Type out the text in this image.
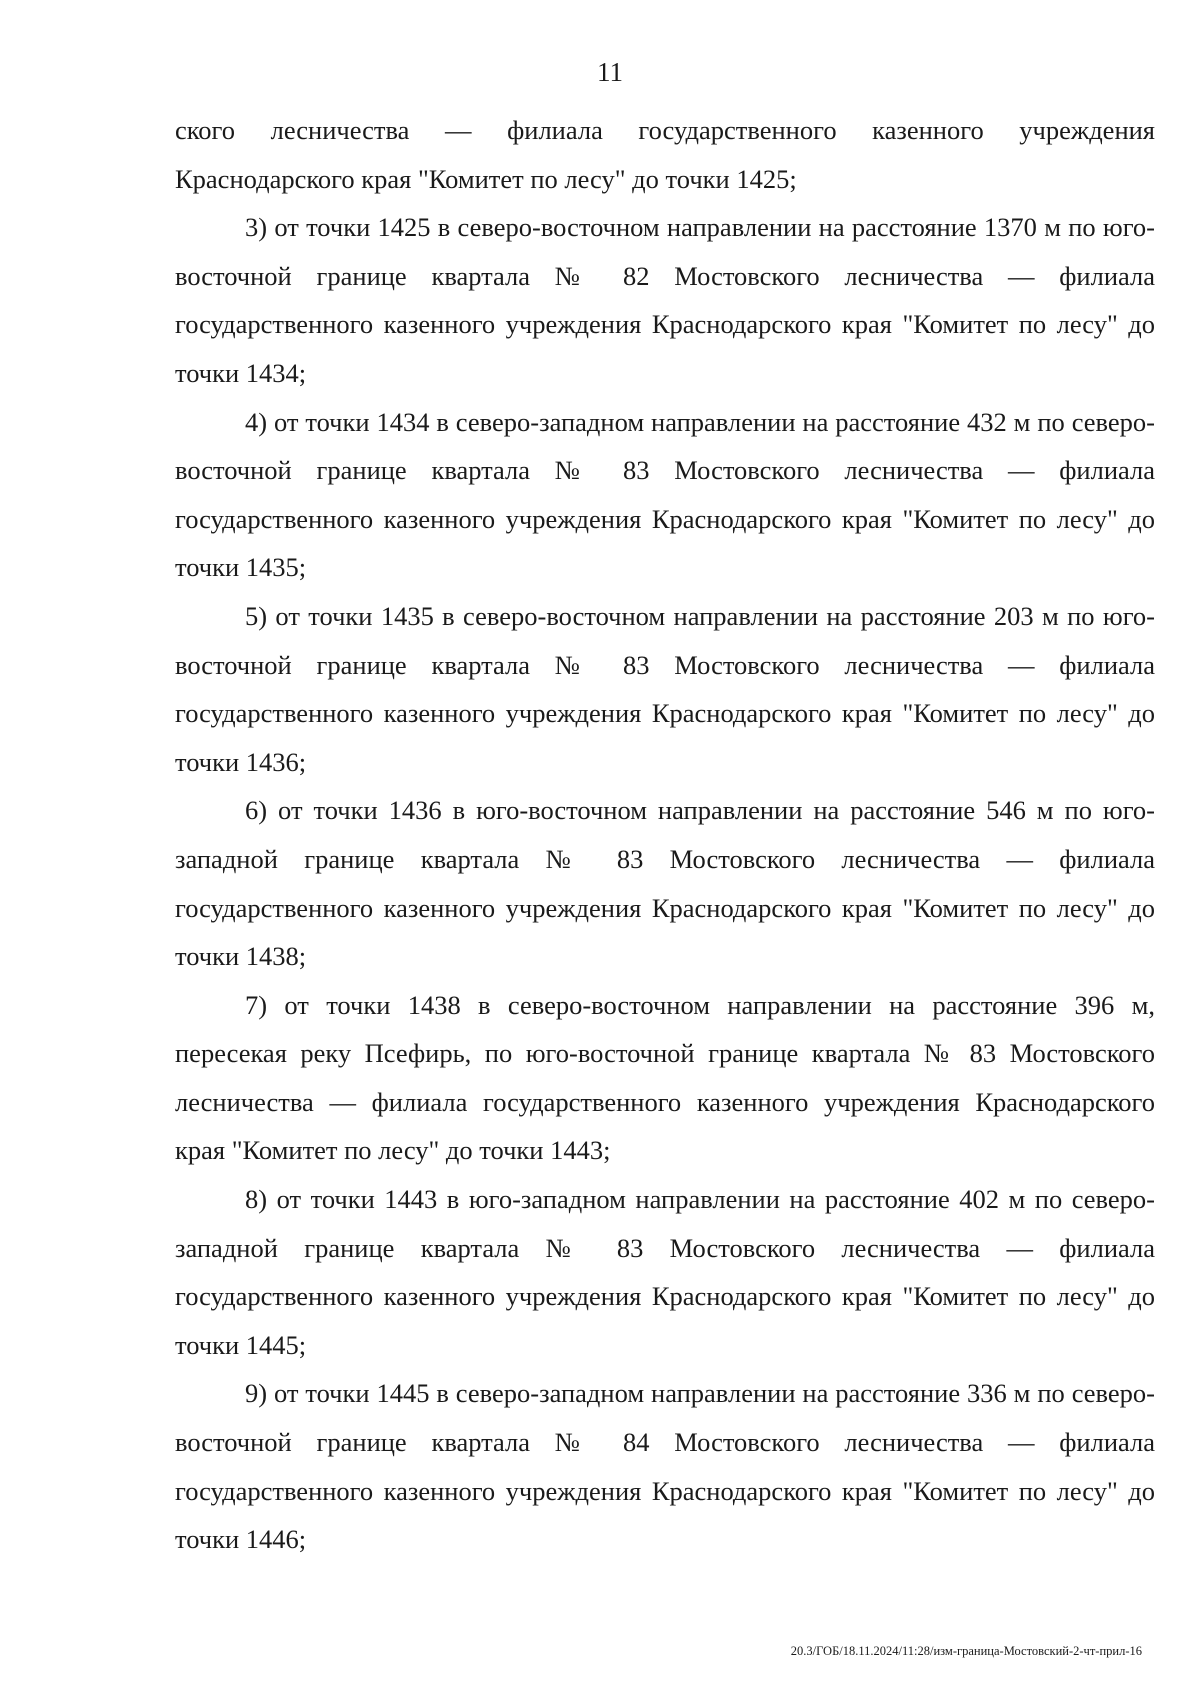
11

ского лесничества — филиала государственного казенного учреждения Краснодарского края "Комитет по лесу" до точки 1425;

3) от точки 1425 в северо-восточном направлении на расстояние 1370 м по юго-восточной границе квартала № 82 Мостовского лесничества — филиала государственного казенного учреждения Краснодарского края "Комитет по лесу" до точки 1434;

4) от точки 1434 в северо-западном направлении на расстояние 432 м по северо-восточной границе квартала № 83 Мостовского лесничества — филиала государственного казенного учреждения Краснодарского края "Комитет по лесу" до точки 1435;

5) от точки 1435 в северо-восточном направлении на расстояние 203 м по юго-восточной границе квартала № 83 Мостовского лесничества — филиала государственного казенного учреждения Краснодарского края "Комитет по лесу" до точки 1436;

6) от точки 1436 в юго-восточном направлении на расстояние 546 м по юго-западной границе квартала № 83 Мостовского лесничества — филиала государственного казенного учреждения Краснодарского края "Комитет по лесу" до точки 1438;

7) от точки 1438 в северо-восточном направлении на расстояние 396 м, пересекая реку Псефирь, по юго-восточной границе квартала № 83 Мостовского лесничества — филиала государственного казенного учреждения Краснодарского края "Комитет по лесу" до точки 1443;

8) от точки 1443 в юго-западном направлении на расстояние 402 м по северо-западной границе квартала № 83 Мостовского лесничества — филиала государственного казенного учреждения Краснодарского края "Комитет по лесу" до точки 1445;

9) от точки 1445 в северо-западном направлении на расстояние 336 м по северо-восточной границе квартала № 84 Мостовского лесничества — филиала государственного казенного учреждения Краснодарского края "Комитет по лесу" до точки 1446;

20.3/ГОБ/18.11.2024/11:28/изм-граница-Мостовский-2-чт-прил-16
